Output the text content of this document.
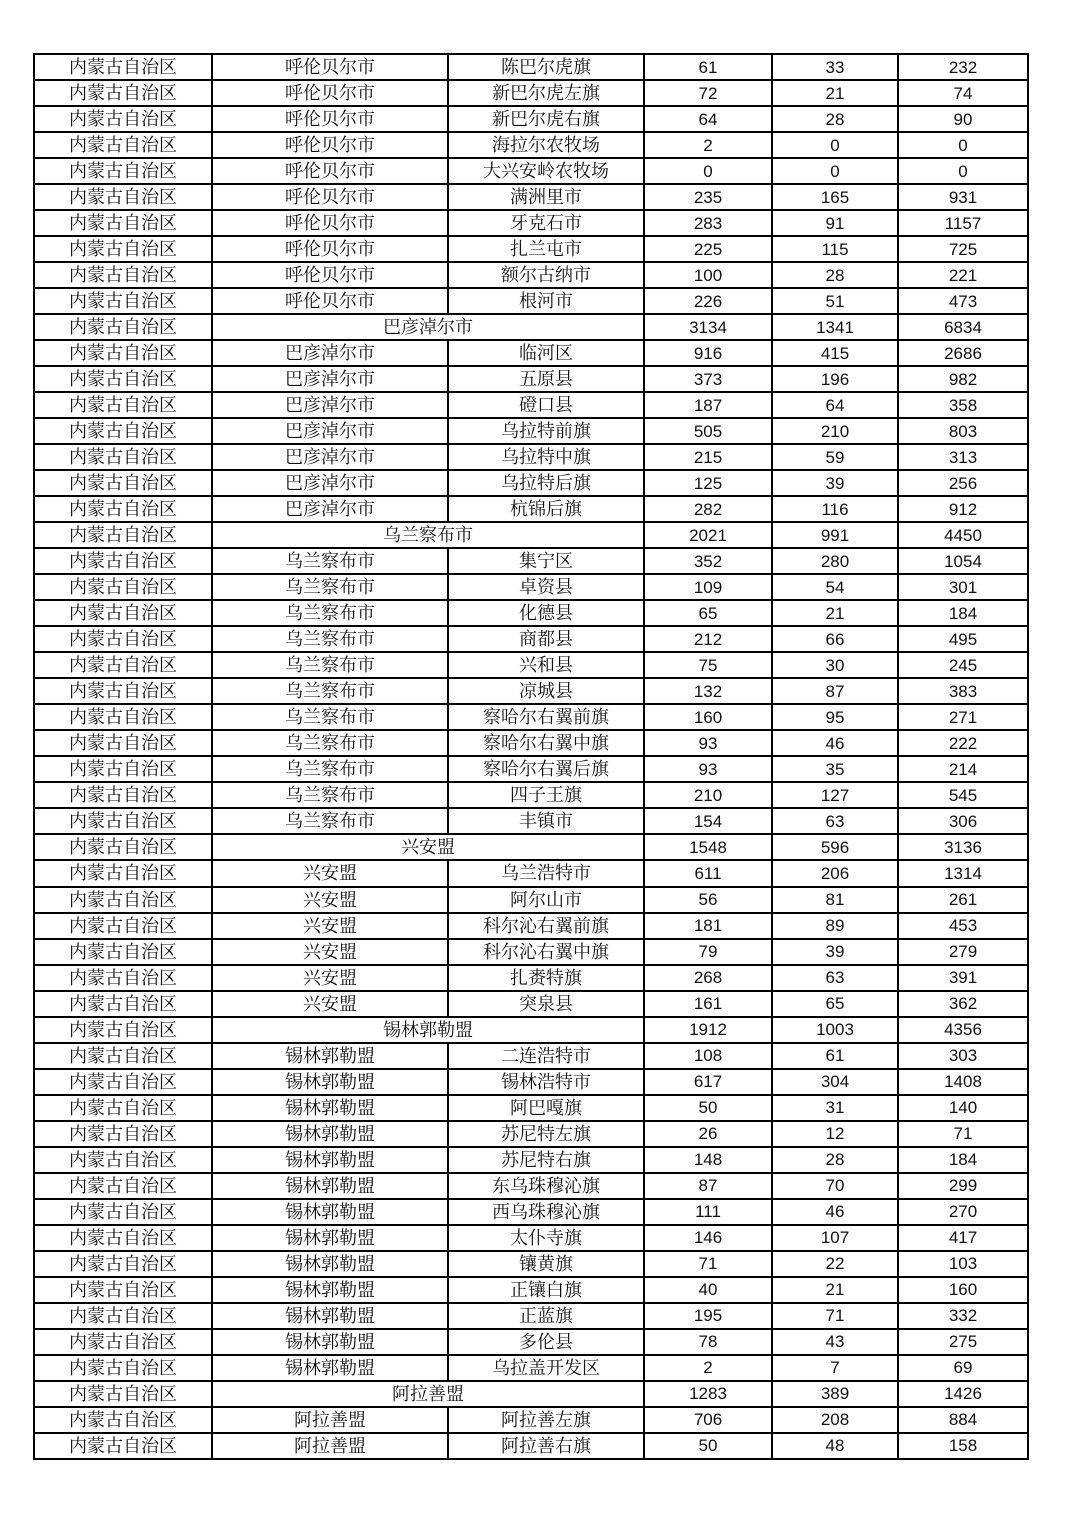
内蒙古自治区	呼伦贝尔市	陈巴尔虎旗	61	33	232
内蒙古自治区	呼伦贝尔市	新巴尔虎左旗	72	21	74
内蒙古自治区	呼伦贝尔市	新巴尔虎右旗	64	28	90
内蒙古自治区	呼伦贝尔市	海拉尔农牧场	2	0	0
内蒙古自治区	呼伦贝尔市	大兴安岭农牧场	0	0	0
内蒙古自治区	呼伦贝尔市	满洲里市	235	165	931
内蒙古自治区	呼伦贝尔市	牙克石市	283	91	1157
内蒙古自治区	呼伦贝尔市	扎兰屯市	225	115	725
内蒙古自治区	呼伦贝尔市	额尔古纳市	100	28	221
内蒙古自治区	呼伦贝尔市	根河市	226	51	473
内蒙古自治区	巴彦淖尔市		3134	1341	6834
内蒙古自治区	巴彦淖尔市	临河区	916	415	2686
内蒙古自治区	巴彦淖尔市	五原县	373	196	982
内蒙古自治区	巴彦淖尔市	磴口县	187	64	358
内蒙古自治区	巴彦淖尔市	乌拉特前旗	505	210	803
内蒙古自治区	巴彦淖尔市	乌拉特中旗	215	59	313
内蒙古自治区	巴彦淖尔市	乌拉特后旗	125	39	256
内蒙古自治区	巴彦淖尔市	杭锦后旗	282	116	912
内蒙古自治区	乌兰察布市		2021	991	4450
内蒙古自治区	乌兰察布市	集宁区	352	280	1054
内蒙古自治区	乌兰察布市	卓资县	109	54	301
内蒙古自治区	乌兰察布市	化德县	65	21	184
内蒙古自治区	乌兰察布市	商都县	212	66	495
内蒙古自治区	乌兰察布市	兴和县	75	30	245
内蒙古自治区	乌兰察布市	凉城县	132	87	383
内蒙古自治区	乌兰察布市	察哈尔右翼前旗	160	95	271
内蒙古自治区	乌兰察布市	察哈尔右翼中旗	93	46	222
内蒙古自治区	乌兰察布市	察哈尔右翼后旗	93	35	214
内蒙古自治区	乌兰察布市	四子王旗	210	127	545
内蒙古自治区	乌兰察布市	丰镇市	154	63	306
内蒙古自治区	兴安盟		1548	596	3136
内蒙古自治区	兴安盟	乌兰浩特市	611	206	1314
内蒙古自治区	兴安盟	阿尔山市	56	81	261
内蒙古自治区	兴安盟	科尔沁右翼前旗	181	89	453
内蒙古自治区	兴安盟	科尔沁右翼中旗	79	39	279
内蒙古自治区	兴安盟	扎赉特旗	268	63	391
内蒙古自治区	兴安盟	突泉县	161	65	362
内蒙古自治区	锡林郭勒盟		1912	1003	4356
内蒙古自治区	锡林郭勒盟	二连浩特市	108	61	303
内蒙古自治区	锡林郭勒盟	锡林浩特市	617	304	1408
内蒙古自治区	锡林郭勒盟	阿巴嘎旗	50	31	140
内蒙古自治区	锡林郭勒盟	苏尼特左旗	26	12	71
内蒙古自治区	锡林郭勒盟	苏尼特右旗	148	28	184
内蒙古自治区	锡林郭勒盟	东乌珠穆沁旗	87	70	299
内蒙古自治区	锡林郭勒盟	西乌珠穆沁旗	111	46	270
内蒙古自治区	锡林郭勒盟	太仆寺旗	146	107	417
内蒙古自治区	锡林郭勒盟	镶黄旗	71	22	103
内蒙古自治区	锡林郭勒盟	正镶白旗	40	21	160
内蒙古自治区	锡林郭勒盟	正蓝旗	195	71	332
内蒙古自治区	锡林郭勒盟	多伦县	78	43	275
内蒙古自治区	锡林郭勒盟	乌拉盖开发区	2	7	69
内蒙古自治区	阿拉善盟		1283	389	1426
内蒙古自治区	阿拉善盟	阿拉善左旗	706	208	884
内蒙古自治区	阿拉善盟	阿拉善右旗	50	48	158
